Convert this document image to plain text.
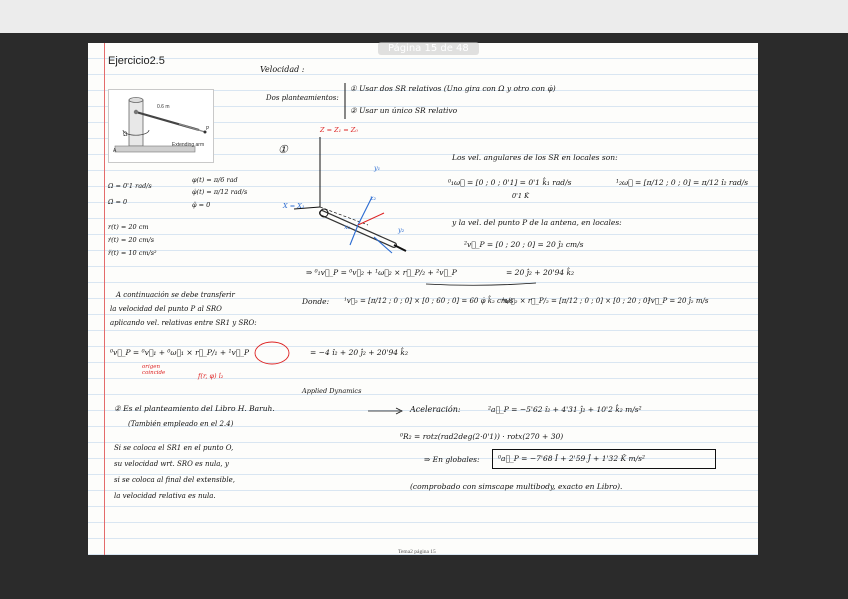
Ejercicio2.5
0.6 m
Ω
A
P
Extending arm
Ω = 0'1 rad/s
Ω̇ = 0
φ(t) = π/6 rad
φ̇(t) = π/12 rad/s
φ̈ = 0
r(t) = 20 cm
ṙ(t) = 20 cm/s
r̈(t) = 10 cm/s²
Velocidad :
Dos planteamientos:
① Usar dos SR relativos (Uno gira con Ω y otro con φ̇)
② Usar un único SR relativo
①
Z = Z₁ = Z₀
X = X₁
y₁
z₂
x₂	y₂
Los vel. angulares de los SR en locales son:
⁰₁ω⃗ = [0 ; 0 ; 0'1] = 0'1 k̂₁ rad/s
0'1 K̂
¹₂ω⃗ = [π/12 ; 0 ; 0] = π/12 î₂ rad/s
y la vel. del punto P de la antena, en locales:
²v⃗_P = [0 ; 20 ; 0] = 20 ĵ₂ cm/s
⇒ ⁰₁v⃗_P = ⁰v⃗₂ + ¹ω⃗₂ × r⃗_P/₂ + ²v⃗_P	= 20 ĵ₂ + 20'94 k̂₂
Donde: ¹v⃗₂ = [π/12 ; 0 ; 0] × [0 ; 60 ; 0] = 60 φ̇ k̂₂ cm/s
¹ω⃗₂ × r⃗_P/₂ = [π/12 ; 0 ; 0] × [0 ; 20 ; 0]
²v⃗_P = 20 ĵ₂ m/s
A continuación se debe transferir
la velocidad del punto P al SRO
aplicando vel. relativas entre SR1 y SRO:
⁰v⃗_P = ⁰v⃗₁ + ⁰ω⃗₁ × r⃗_P/₁ + ¹v⃗_P	= −4 î₂ + 20 ĵ₂ + 20'94 k̂₂
origen coincide	f(r, φ) î₂
Applied Dynamics
② Es el planteamiento del Libro H. Baruh.
(También empleado en el 2.4)
Si se coloca el SR1 en el punto O,
su velocidad wrt. SRO es nula, y
si se coloca al final del extensible,
la velocidad relativa es nula.
Aceleración:	²a⃗_P = −5'62 î₂ + 4'31 ĵ₂ + 10'2 k̂₂ m/s²
⁰R₂ = rotz(rad2deg(2·0'1)) · rotx(270 + 30)
⇒ En globales: ⁰a⃗_P = −7'68 Î + 2'59 Ĵ + 1'32 K̂ m/s²
(comprobado con simscape multibody, exacto en Libro).
Tema2 página 15
Página 15 de 48
